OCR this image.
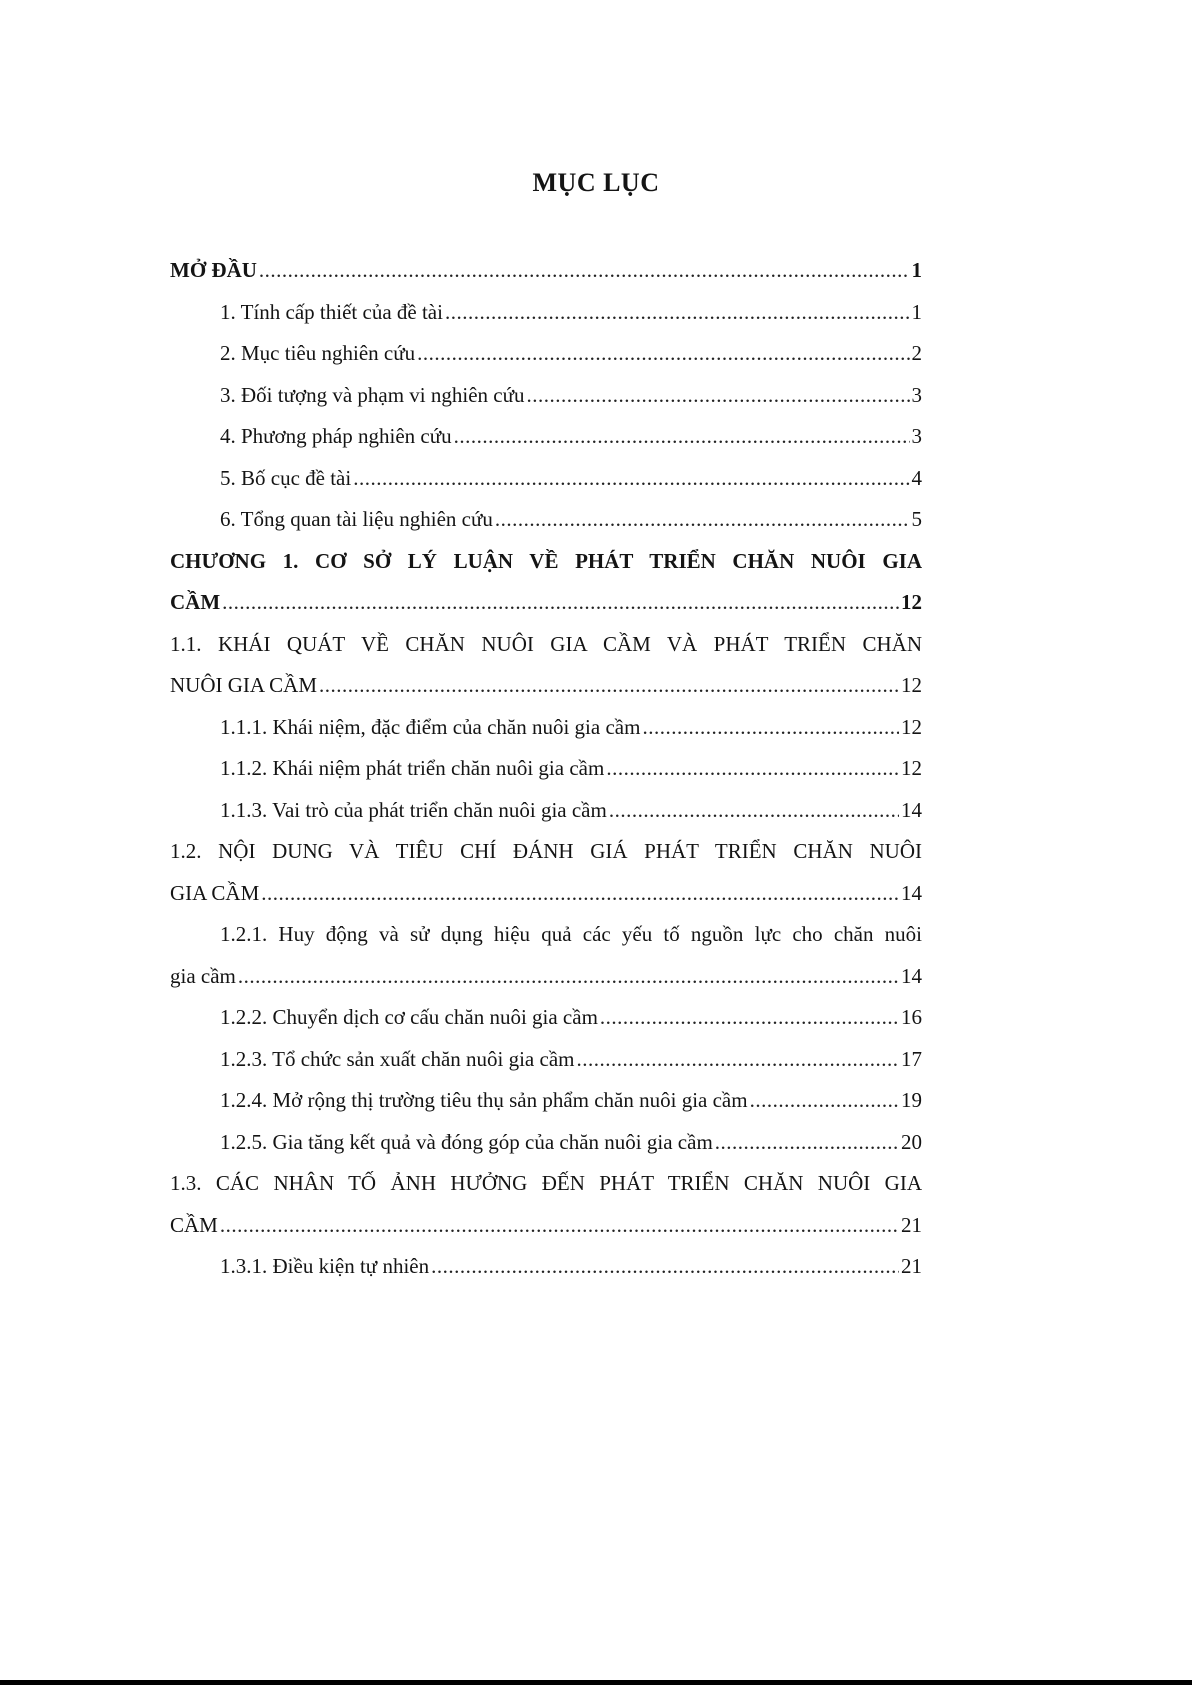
MỤC LỤC
MỞ ĐẦU .....	1
1. Tính cấp thiết của đề tài .....	1
2. Mục tiêu nghiên cứu .....	2
3. Đối tượng và phạm vi nghiên cứu .....	3
4. Phương pháp nghiên cứu .....	3
5. Bố cục đề tài .....	4
6. Tổng quan tài liệu nghiên cứu .....	5
CHƯƠNG 1. CƠ SỞ LÝ LUẬN VỀ PHÁT TRIỂN CHĂN NUÔI GIA
CẦM .....	12
1.1. KHÁI QUÁT VỀ CHĂN NUÔI GIA CẦM VÀ PHÁT TRIỂN CHĂN
NUÔI GIA CẦM .....	12
1.1.1. Khái niệm, đặc điểm của chăn nuôi gia cầm .....	12
1.1.2. Khái niệm phát triển chăn nuôi gia cầm .....	12
1.1.3. Vai trò của phát triển chăn nuôi gia cầm .....	14
1.2. NỘI DUNG VÀ TIÊU CHÍ ĐÁNH GIÁ PHÁT TRIỂN CHĂN NUÔI
GIA CẦM .....	14
1.2.1. Huy động và sử dụng hiệu quả các yếu tố nguồn lực cho chăn nuôi
gia cầm .....	14
1.2.2. Chuyển dịch cơ cấu chăn nuôi gia cầm .....	16
1.2.3. Tổ chức sản xuất chăn nuôi gia cầm .....	17
1.2.4. Mở rộng thị trường tiêu thụ sản phẩm chăn nuôi gia cầm .....	19
1.2.5. Gia tăng kết quả và đóng góp của chăn nuôi gia cầm .....	20
1.3. CÁC NHÂN TỐ ẢNH HƯỞNG ĐẾN PHÁT TRIỂN CHĂN NUÔI GIA
CẦM .....	21
1.3.1. Điều kiện tự nhiên .....	21
